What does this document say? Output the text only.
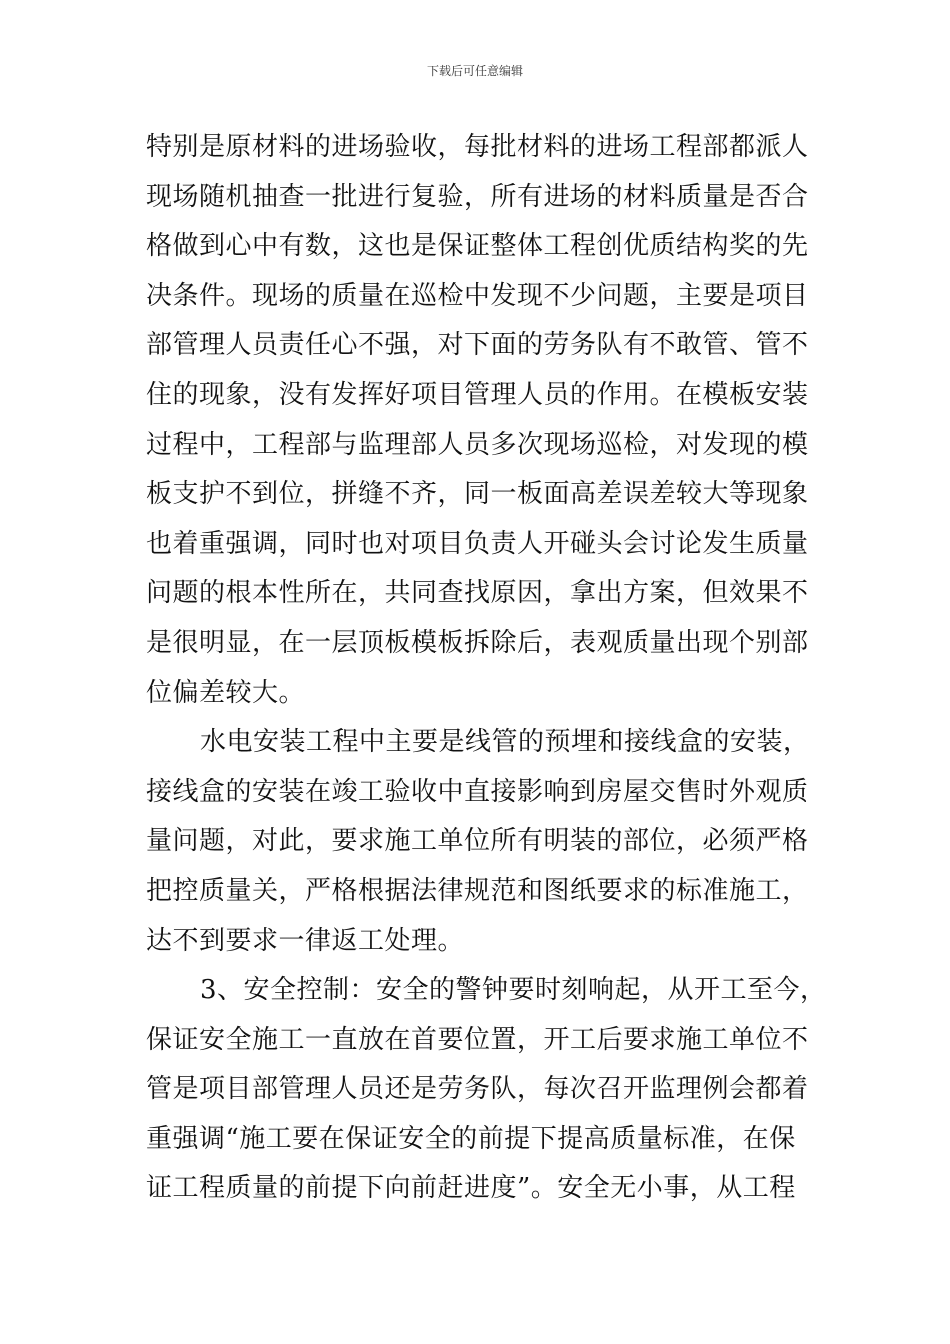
下载后可任意编辑
特别是原材料的进场验收，每批材料的进场工程部都派人
现场随机抽查一批进行复验，所有进场的材料质量是否合
格做到心中有数，这也是保证整体工程创优质结构奖的先
决条件。现场的质量在巡检中发现不少问题，主要是项目
部管理人员责任心不强，对下面的劳务队有不敢管、管不
住的现象，没有发挥好项目管理人员的作用。在模板安装
过程中，工程部与监理部人员多次现场巡检，对发现的模
板支护不到位，拼缝不齐，同一板面高差误差较大等现象
也着重强调，同时也对项目负责人开碰头会讨论发生质量
问题的根本性所在，共同查找原因，拿出方案，但效果不
是很明显，在一层顶板模板拆除后，表观质量出现个别部
位偏差较大。
水电安装工程中主要是线管的预埋和接线盒的安装，
接线盒的安装在竣工验收中直接影响到房屋交售时外观质
量问题，对此，要求施工单位所有明装的部位，必须严格
把控质量关，严格根据法律规范和图纸要求的标准施工，
达不到要求一律返工处理。
3、安全控制：安全的警钟要时刻响起，从开工至今，
保证安全施工一直放在首要位置，开工后要求施工单位不
管是项目部管理人员还是劳务队，每次召开监理例会都着
重强调“施工要在保证安全的前提下提高质量标准，在保
证工程质量的前提下向前赶进度”。安全无小事，从工程
